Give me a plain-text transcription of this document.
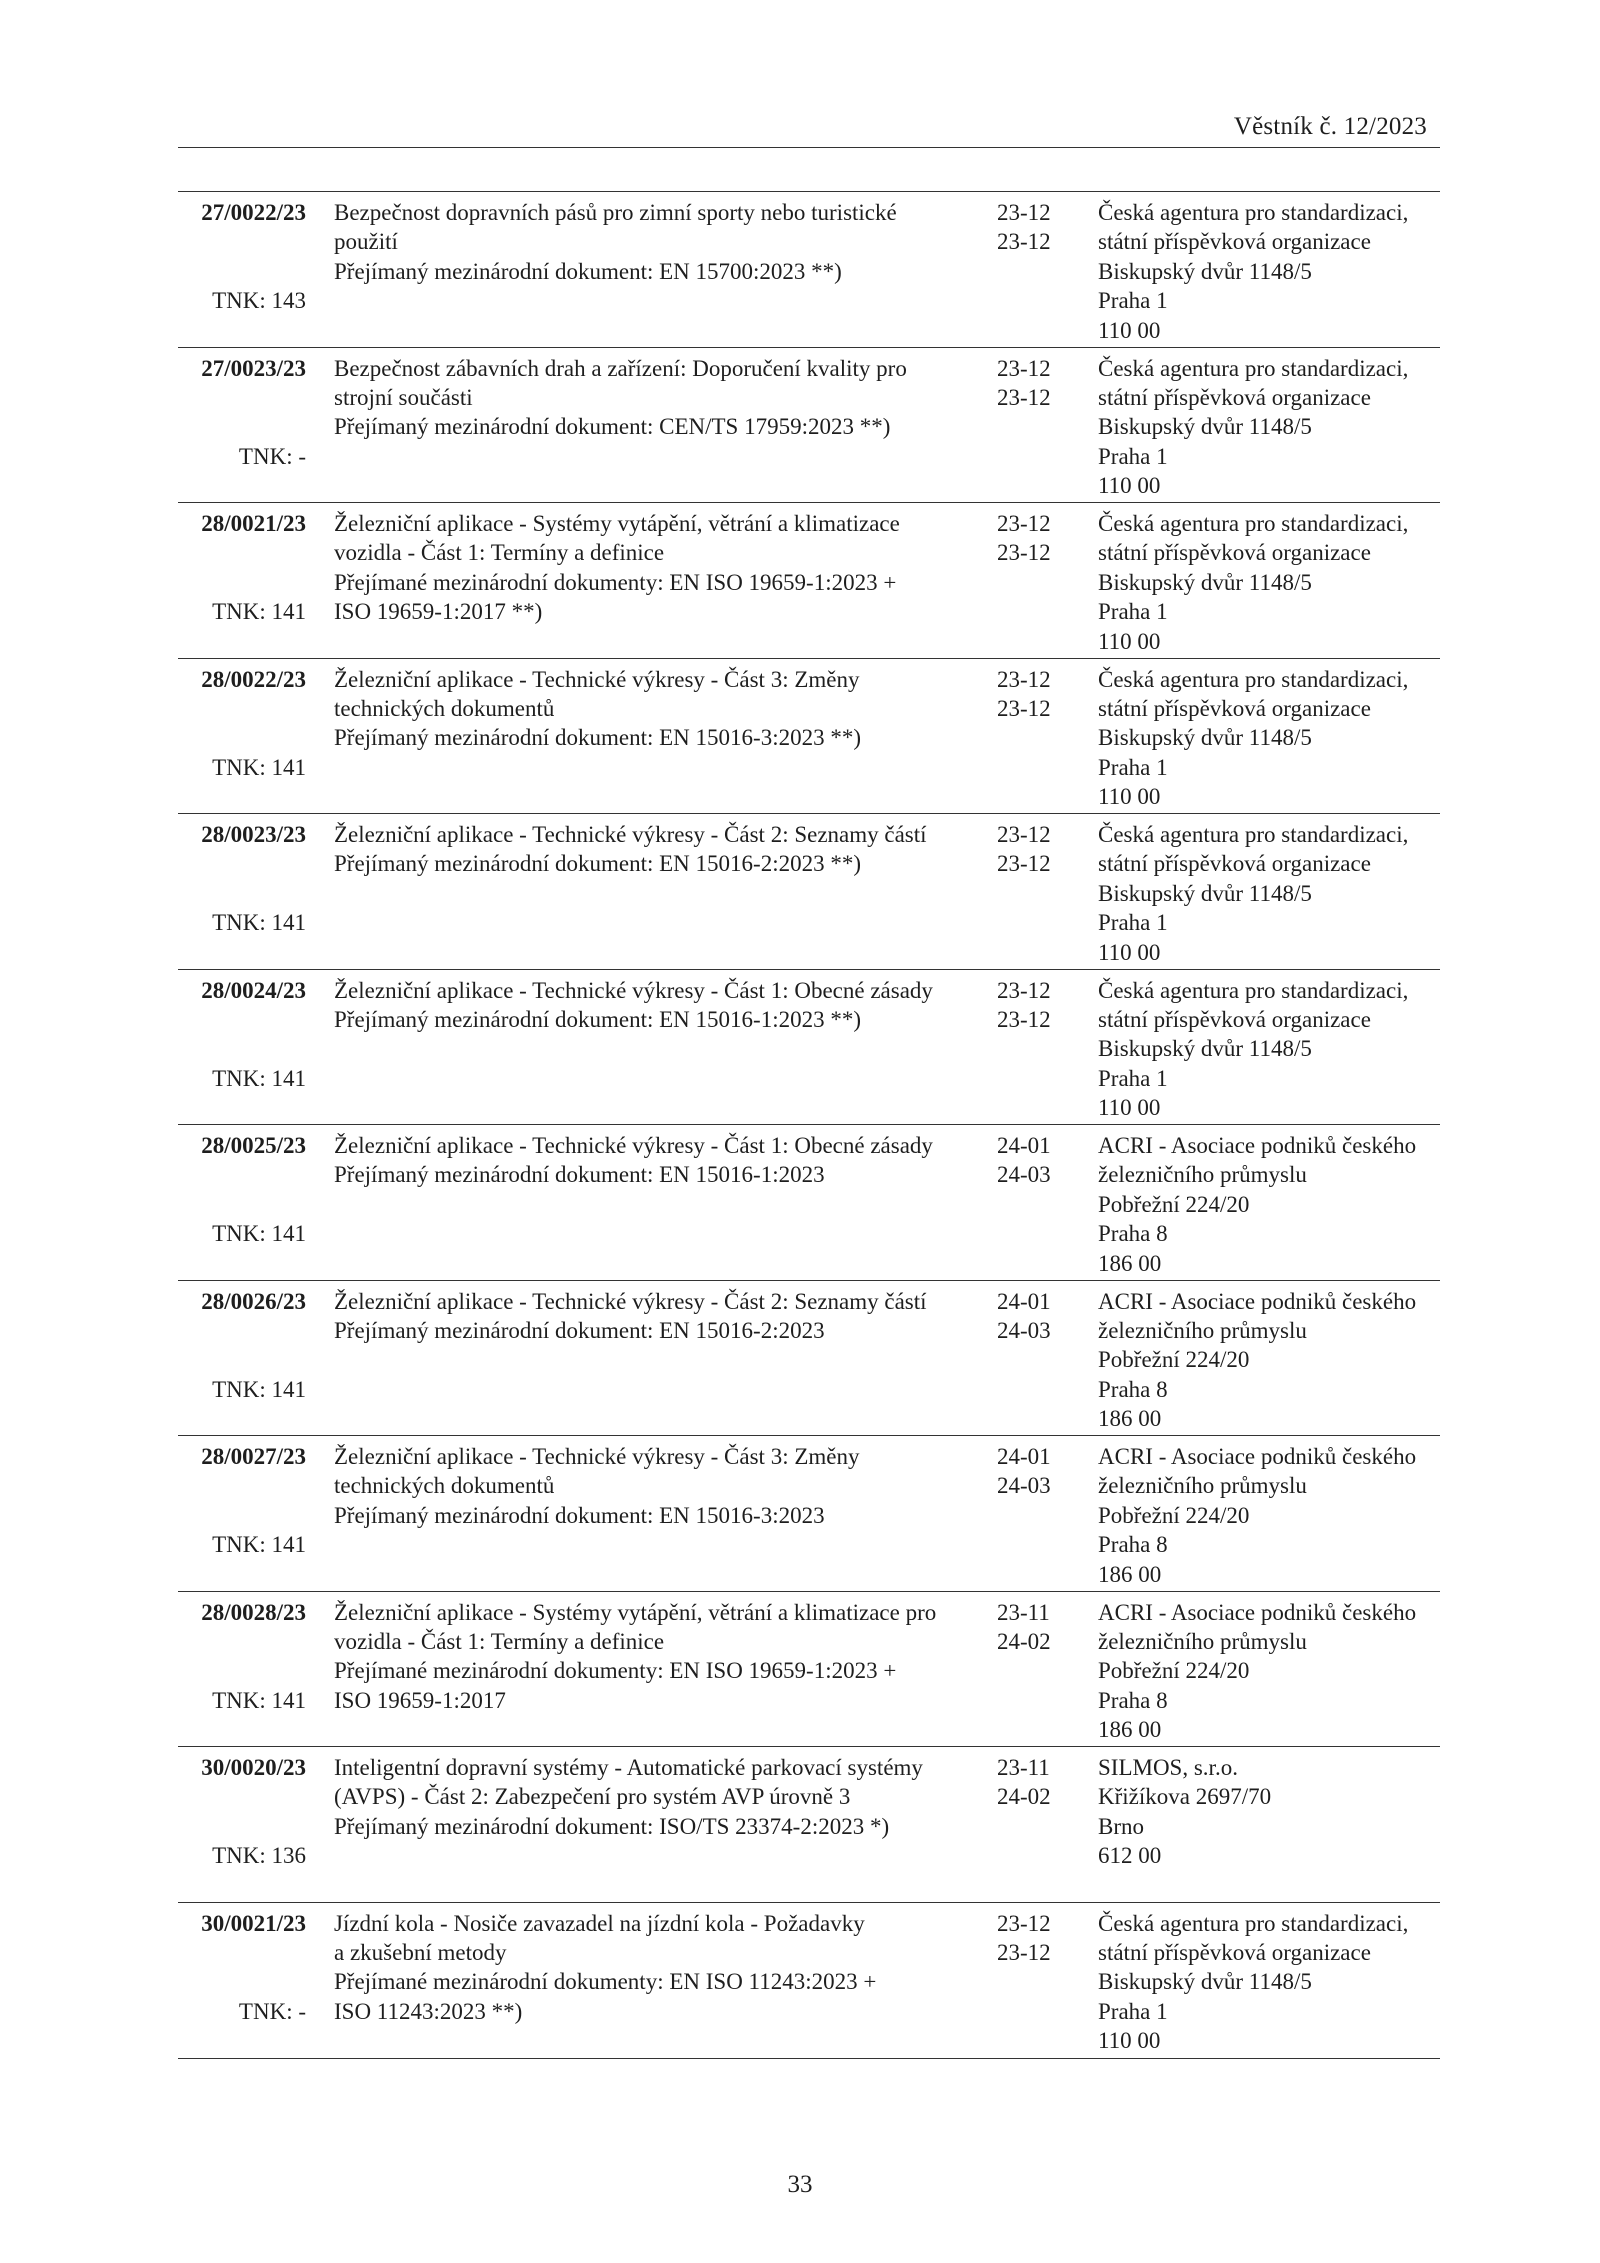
Věstník č. 12/2023
27/0022/23
TNK: 143
Bezpečnost dopravních pásů pro zimní sporty nebo turistické
použití
Přejímaný mezinárodní dokument: EN 15700:2023 **)
23-12
23-12
Česká agentura pro standardizaci,
státní příspěvková organizace
Biskupský dvůr 1148/5
Praha 1
110 00
27/0023/23
TNK: -
Bezpečnost zábavních drah a zařízení: Doporučení kvality pro
strojní součásti
Přejímaný mezinárodní dokument: CEN/TS 17959:2023 **)
23-12
23-12
Česká agentura pro standardizaci,
státní příspěvková organizace
Biskupský dvůr 1148/5
Praha 1
110 00
28/0021/23
TNK: 141
Železniční aplikace - Systémy vytápění, větrání a klimatizace
vozidla - Část 1: Termíny a definice
Přejímané mezinárodní dokumenty: EN ISO 19659-1:2023 +
ISO 19659-1:2017 **)
23-12
23-12
Česká agentura pro standardizaci,
státní příspěvková organizace
Biskupský dvůr 1148/5
Praha 1
110 00
28/0022/23
TNK: 141
Železniční aplikace - Technické výkresy - Část 3: Změny
technických dokumentů
Přejímaný mezinárodní dokument: EN 15016-3:2023 **)
23-12
23-12
Česká agentura pro standardizaci,
státní příspěvková organizace
Biskupský dvůr 1148/5
Praha 1
110 00
28/0023/23
TNK: 141
Železniční aplikace - Technické výkresy - Část 2: Seznamy částí
Přejímaný mezinárodní dokument: EN 15016-2:2023 **)
23-12
23-12
Česká agentura pro standardizaci,
státní příspěvková organizace
Biskupský dvůr 1148/5
Praha 1
110 00
28/0024/23
TNK: 141
Železniční aplikace - Technické výkresy - Část 1: Obecné zásady
Přejímaný mezinárodní dokument: EN 15016-1:2023 **)
23-12
23-12
Česká agentura pro standardizaci,
státní příspěvková organizace
Biskupský dvůr 1148/5
Praha 1
110 00
28/0025/23
TNK: 141
Železniční aplikace - Technické výkresy - Část 1: Obecné zásady
Přejímaný mezinárodní dokument: EN 15016-1:2023
24-01
24-03
ACRI - Asociace podniků českého
železničního průmyslu
Pobřežní 224/20
Praha 8
186 00
28/0026/23
TNK: 141
Železniční aplikace - Technické výkresy - Část 2: Seznamy částí
Přejímaný mezinárodní dokument: EN 15016-2:2023
24-01
24-03
ACRI - Asociace podniků českého
železničního průmyslu
Pobřežní 224/20
Praha 8
186 00
28/0027/23
TNK: 141
Železniční aplikace - Technické výkresy - Část 3: Změny
technických dokumentů
Přejímaný mezinárodní dokument: EN 15016-3:2023
24-01
24-03
ACRI - Asociace podniků českého
železničního průmyslu
Pobřežní 224/20
Praha 8
186 00
28/0028/23
TNK: 141
Železniční aplikace - Systémy vytápění, větrání a klimatizace pro
vozidla - Část 1: Termíny a definice
Přejímané mezinárodní dokumenty: EN ISO 19659-1:2023 +
ISO 19659-1:2017
23-11
24-02
ACRI - Asociace podniků českého
železničního průmyslu
Pobřežní 224/20
Praha 8
186 00
30/0020/23
TNK: 136
Inteligentní dopravní systémy - Automatické parkovací systémy
(AVPS) - Část 2: Zabezpečení pro systém AVP úrovně 3
Přejímaný mezinárodní dokument: ISO/TS 23374-2:2023 *)
23-11
24-02
SILMOS, s.r.o.
Křižíkova 2697/70
Brno
612 00
30/0021/23
TNK: -
Jízdní kola - Nosiče zavazadel na jízdní kola - Požadavky
a zkušební metody
Přejímané mezinárodní dokumenty: EN ISO 11243:2023 +
ISO 11243:2023 **)
23-12
23-12
Česká agentura pro standardizaci,
státní příspěvková organizace
Biskupský dvůr 1148/5
Praha 1
110 00
33
